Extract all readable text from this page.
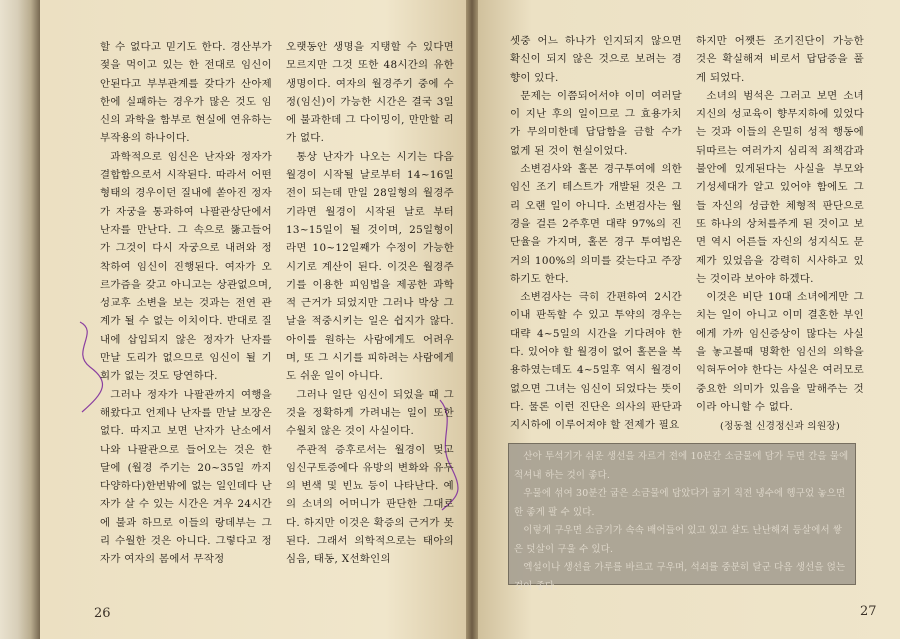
할 수 없다고 믿기도 한다. 경산부가 젖을 먹이고 있는 한 전대로 임신이 안된다고 부부관계를 갖다가 산아제한에 실패하는 경우가 많은 것도 임신의 과학을 함부로 현실에 연유하는 부작용의 하나이다.

과학적으로 임신은 난자와 정자가 결합함으로서 시작된다. 따라서 어떤 형태의 경우이던 질내에 쏟아진 정자가 자궁을 통과하여 나팔관상단에서 난자를 만난다. 그 속으로 뚫고들어가 그것이 다시 자궁으로 내려와 정착하여 임신이 진행된다. 여자가 오르가즘을 갖고 아니고는 상관없으며, 성교후 소변을 보는 것과는 전연 관계가 될 수 없는 이치이다. 반대로 질내에 삽입되지 않은 정자가 난자를 만날 도리가 없으므로 임신이 될 기회가 없는 것도 당연하다.

그러나 정자가 나팔관까지 여행을 해왔다고 언제나 난자를 만날 보장은 없다. 따지고 보면 난자가 난소에서 나와 나팔관으로 들어오는 것은 한 달에 (월경 주기는 20~35일 까지 다양하다)한번밖에 없는 일인데다 난자가 살 수 있는 시간은 겨우 24시간에 불과 하므로 이들의 랑데부는 그리 수월한 것은 아니다. 그렇다고 정자가 여자의 몸에서 무작정

오랫동안 생명을 지탱할 수 있다면 모르지만 그것 또한 48시간의 유한 생명이다. 여자의 월경주기 중에 수정(임신)이 가능한 시간은 결국 3일에 불과한데 그 다이밍이, 만만할 리가 없다.

통상 난자가 나오는 시기는 다음 월경이 시작될 날로부터 14~16일 전이 되는데 만일 28일형의 월경주기라면 월경이 시작된 날로 부터 13~15일이 될 것이며, 25일형이라면 10~12일째가 수정이 가능한 시기로 계산이 된다. 이것은 월경주기를 이용한 피임법을 제공한 과학적 근거가 되었지만 그러나 박상 그 날을 적중시키는 일은 쉽지가 않다. 아이를 원하는 사람에게도 어려우며, 또 그 시기를 피하려는 사람에게도 쉬운 일이 아니다.

그러나 일단 임신이 되었을 때 그것을 정확하게 가려내는 일이 또한 수월치 않은 것이 사실이다.

주관적 증후로서는 월경이 멎고 임신구토증에다 유방의 변화와 유두의 변색 및 빈뇨 등이 나타난다. 예의 소녀의 어머니가 판단한 그대로다. 하지만 이것은 확증의 근거가 못 된다. 그래서 의학적으로는 태아의 심음, 태동, X선화인의

26

셋중 어느 하나가 인지되지 않으면 확신이 되지 않은 것으로 보려는 경향이 있다.

문제는 이쯤되어서야 이미 여러달이 지난 후의 일이므로 그 효용가치가 무의미한데 답답함을 금할 수가 없게 된 것이 현실이었다.

소변검사와 홀몬 경구투여에 의한 임신 조기 테스트가 개발된 것은 그리 오랜 일이 아니다. 소변검사는 월경을 걸른 2주후면 대략 97%의 진단율을 가지며, 홀몬 경구 투여법은 거의 100%의 의미를 갖는다고 주장하기도 한다.

소변검사는 극히 간편하여 2시간 이내 판독할 수 있고 투약의 경우는 대략 4~5일의 시간을 기다려야 한다. 있어야 할 월경이 없어 홀몬을 복용하였는데도 4~5일후 역시 월경이 없으면 그녀는 임신이 되었다는 뜻이다. 물론 이런 진단은 의사의 판단과 지시하에 이루어져야 할 전제가 필요

하지만 어쨋든 조기진단이 가능한 것은 확실해져 비로서 답답증을 풀게 되었다.

소녀의 범석은 그러고 보면 소녀지신의 성교육이 향무지하에 있었다는 것과 이들의 은밀히 성적 행동에 뒤따르는 여러가지 심리적 죄책감과 불안에 있게된다는 사실을 부모와 기성세대가 알고 있어야 함에도 그들 자신의 성급한 체형적 판단으로 또 하나의 상처를주게 된 것이고 보면 역시 어른들 자신의 성지식도 문제가 있었음을 강력히 시사하고 있는 것이라 보아야 하겠다.

이것은 비단 10대 소녀에게만 그치는 일이 아니고 이미 결혼한 부인에게 가까 임신증상이 많다는 사실을 놓고볼때 명확한 임신의 의학을 익혀두어야 한다는 사실은 여러모로 중요한 의미가 있음을 말해주는 것이라 아니할 수 없다.

(정동철 신경정신과 의원장)

산아 투석기가 쉬운 생선을 자르거 전에 10분간 소금물에 담가 두면 간을 물에 적셔내 하는 것이 좋다.

우물에 섞여 30분간 굽은 소금물에 담았다가 굽기 직전 냉수에 헹구었 놓으면 한 좋게 팔 수 있다.

이렇게 구우면 소금기가 속속 배어들어 있고 있고 살도 난난해져 등살에서 쌓은 덧살이 구울 수 있다.

엑설이나 생선을 가루를 바르고 구우며, 석쇠를 중분히 달군 다음 생선을 얹는 것이 좋다.

27
